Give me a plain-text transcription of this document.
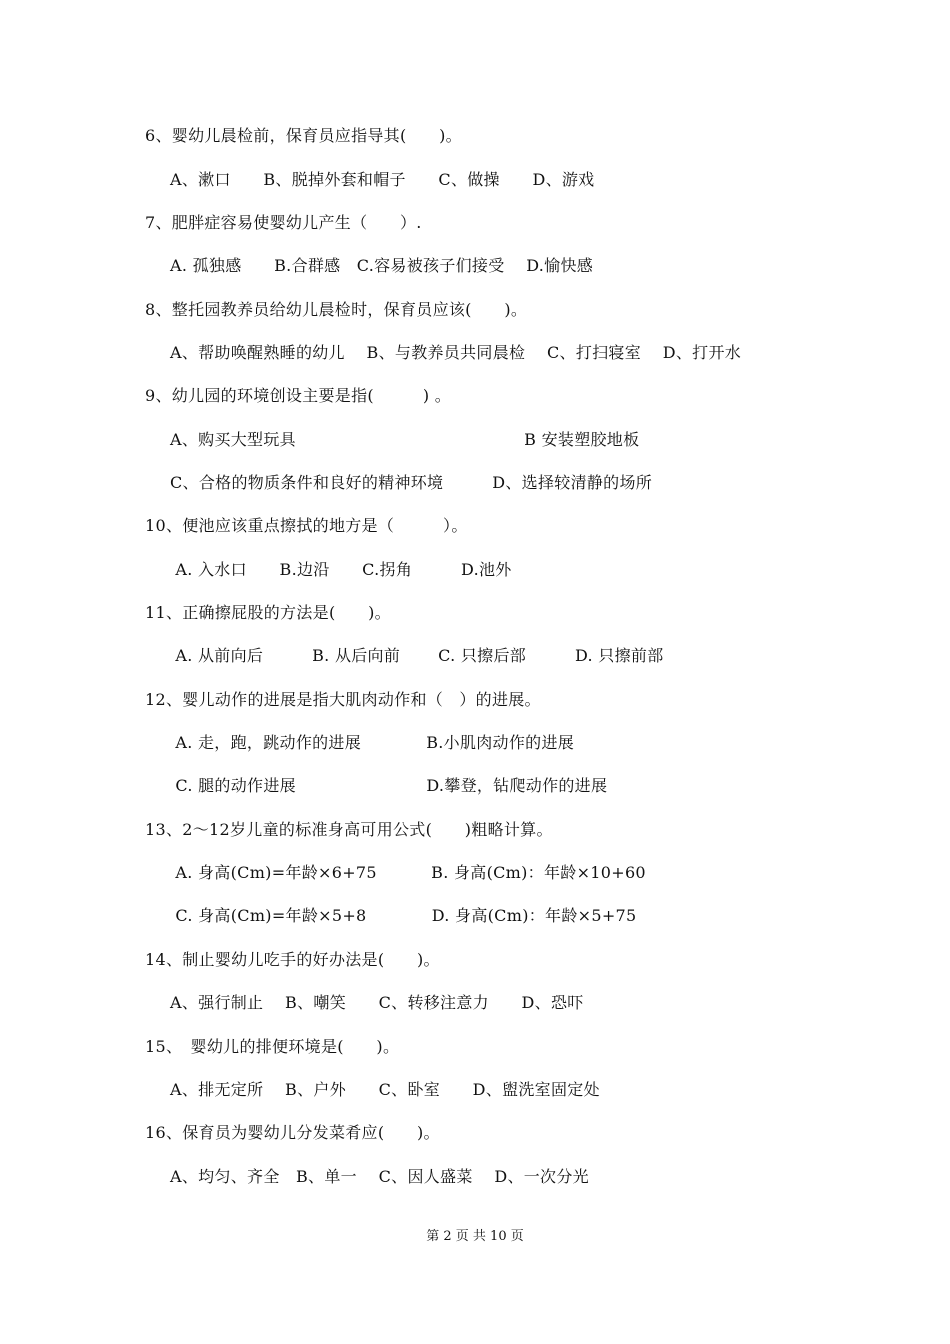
6、婴幼儿晨检前，保育员应指导其(　　)。
A、漱口　　B、脱掉外套和帽子　　C、做操　　D、游戏
7、肥胖症容易使婴幼儿产生（　　）.
A. 孤独感　　B.合群感　C.容易被孩子们接受　 D.愉快感
8、整托园教养员给幼儿晨检时，保育员应该(　　)。
A、帮助唤醒熟睡的幼儿　 B、与教养员共同晨检　 C、打扫寝室　 D、打开水
9、幼儿园的环境创设主要是指(　　　) 。
A、购买大型玩具　　　　　　　　　　　　　　B 安装塑胶地板
C、合格的物质条件和良好的精神环境　　　D、选择较清静的场所
10、便池应该重点擦拭的地方是（　　　）。
A. 入水口　　B.边沿　　C.拐角　　　D.池外
11、正确擦屁股的方法是(　　)。
A. 从前向后　　　B. 从后向前　　 C. 只擦后部　　　D. 只擦前部
12、婴儿动作的进展是指大肌肉动作和（　）的进展。
A. 走，跑，跳动作的进展　　　　B.小肌肉动作的进展
C. 腿的动作进展　　　　　　　　D.攀登，钻爬动作的进展
13、2～12岁儿童的标准身高可用公式(　　)粗略计算。
A. 身高(Cm)=年龄×6+75　　　 B. 身高(Cm)：年龄×10+60
C. 身高(Cm)=年龄×5+8　　　　D. 身高(Cm)：年龄×5+75
14、制止婴幼儿吃手的好办法是(　　)。
A、强行制止　 B、嘲笑　　C、转移注意力　　D、恐吓
15、　婴幼儿的排便环境是(　　)。
A、排无定所　 B、户外　　C、卧室　　D、盥洗室固定处
16、保育员为婴幼儿分发菜肴应(　　)。
A、均匀、齐全　B、单一　 C、因人盛菜　 D、一次分光
第 2 页 共 10 页
